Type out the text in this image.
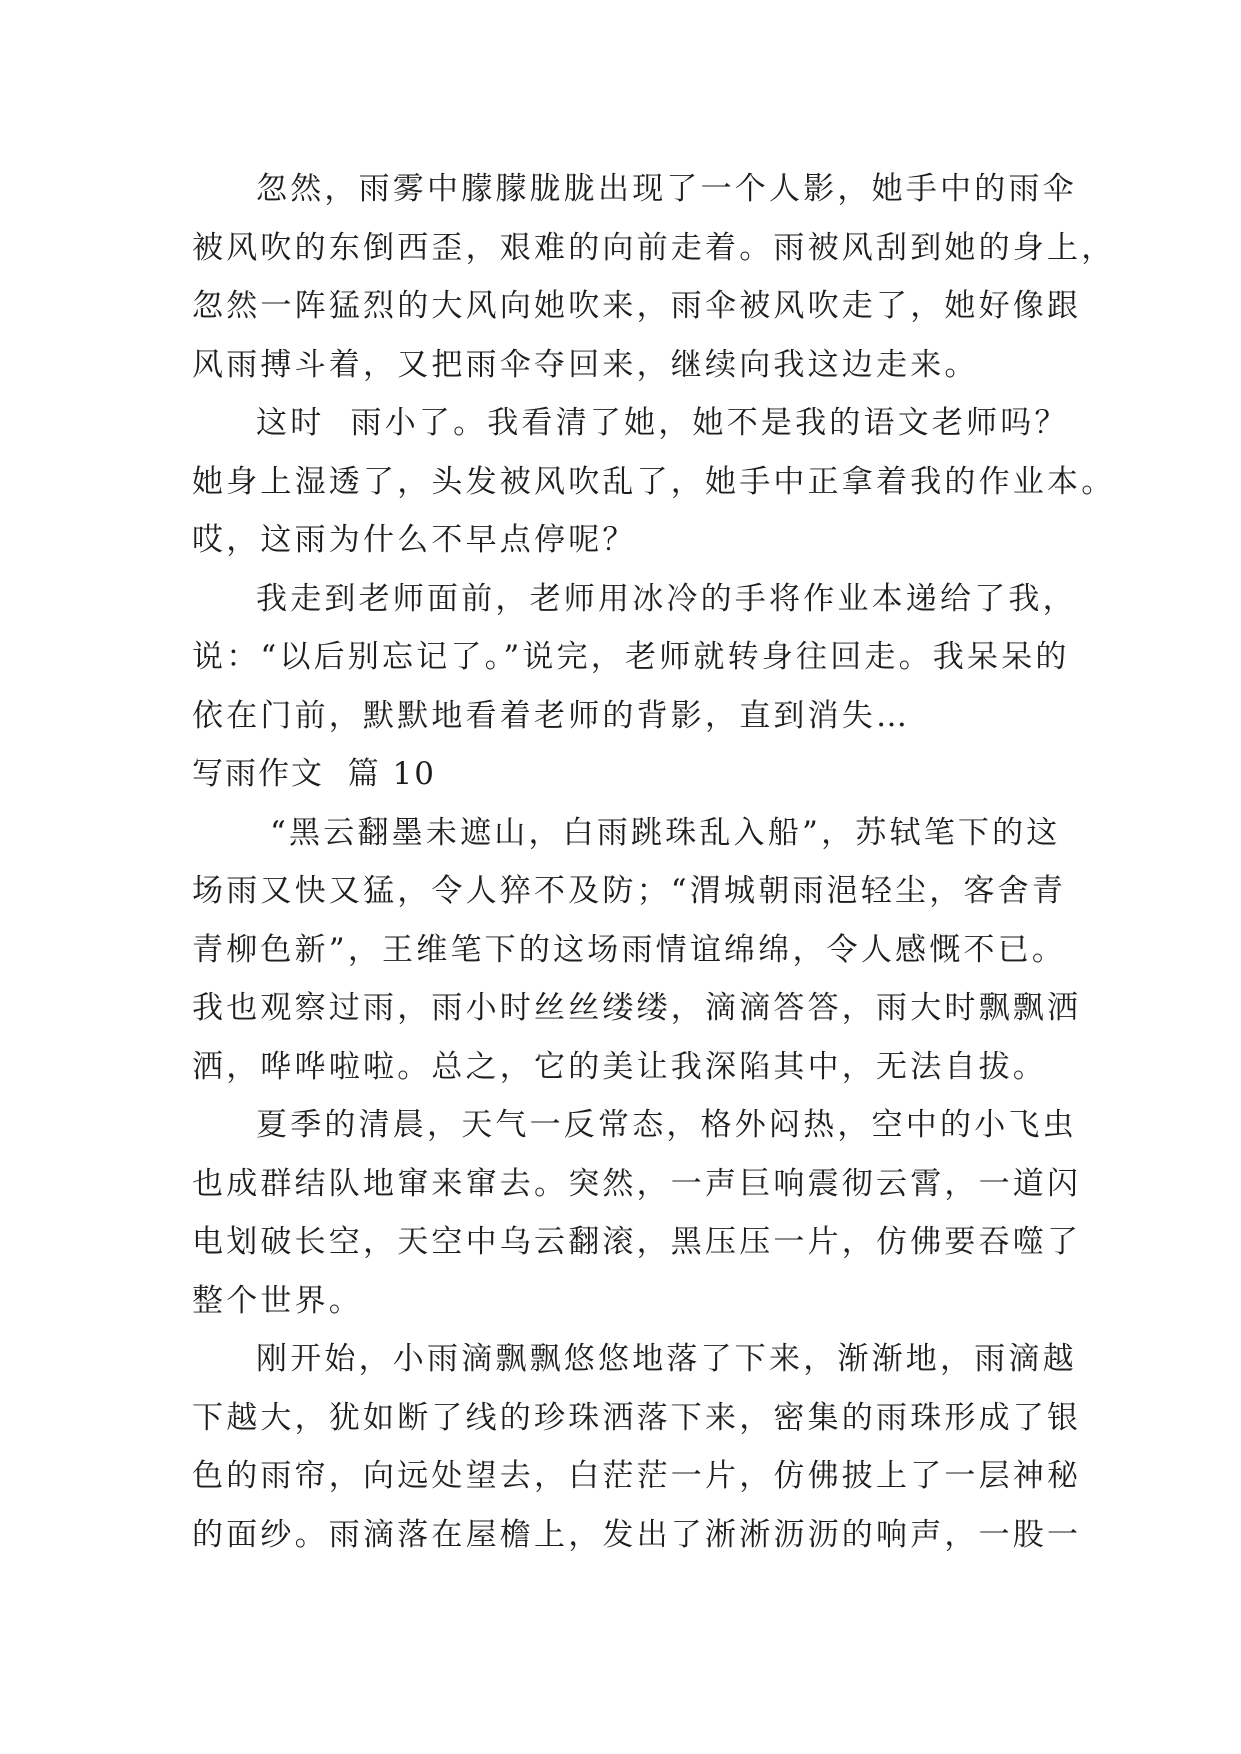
忽然，雨雾中朦朦胧胧出现了一个人影，她手中的雨伞
被风吹的东倒西歪，艰难的向前走着。雨被风刮到她的身上，
忽然一阵猛烈的大风向她吹来，雨伞被风吹走了，她好像跟
风雨搏斗着，又把雨伞夺回来，继续向我这边走来。
这时  雨小了。我看清了她，她不是我的语文老师吗？
她身上湿透了，头发被风吹乱了，她手中正拿着我的作业本。
哎，这雨为什么不早点停呢？
我走到老师面前，老师用冰冷的手将作业本递给了我，
说：“以后别忘记了。”说完，老师就转身往回走。我呆呆的
依在门前，默默地看着老师的背影，直到消失…
写雨作文  篇 10
“黑云翻墨未遮山，白雨跳珠乱入船”，苏轼笔下的这
场雨又快又猛，令人猝不及防；“渭城朝雨浥轻尘，客舍青
青柳色新”，王维笔下的这场雨情谊绵绵，令人感慨不已。
我也观察过雨，雨小时丝丝缕缕，滴滴答答，雨大时飘飘洒
洒，哗哗啦啦。总之，它的美让我深陷其中，无法自拔。
夏季的清晨，天气一反常态，格外闷热，空中的小飞虫
也成群结队地窜来窜去。突然，一声巨响震彻云霄，一道闪
电划破长空，天空中乌云翻滚，黑压压一片，仿佛要吞噬了
整个世界。
刚开始，小雨滴飘飘悠悠地落了下来，渐渐地，雨滴越
下越大，犹如断了线的珍珠洒落下来，密集的雨珠形成了银
色的雨帘，向远处望去，白茫茫一片，仿佛披上了一层神秘
的面纱。雨滴落在屋檐上，发出了淅淅沥沥的响声，一股一
